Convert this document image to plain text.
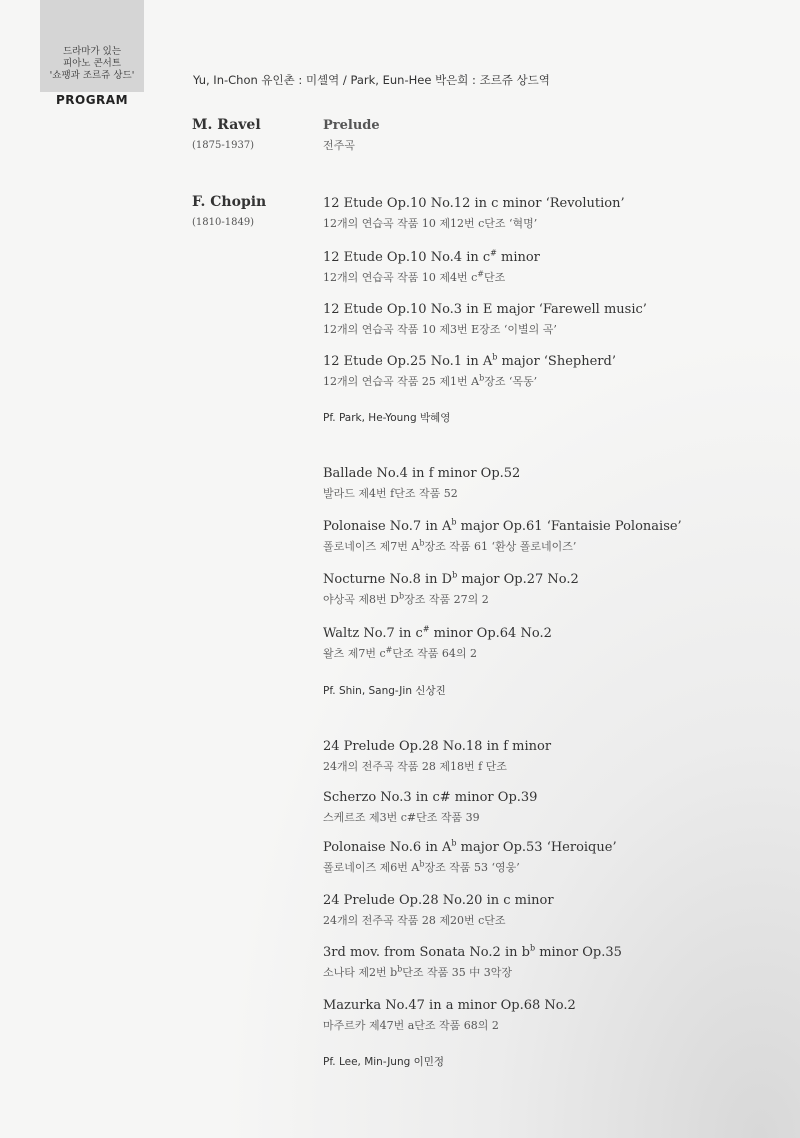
드라마가 있는
피아노 콘서트
'쇼팽과 조르쥬 상드'
PROGRAM
Yu, In-Chon 유인촌 : 미셸역 / Park, Eun-Hee 박은희 : 조르쥬 상드역
M. Ravel
(1875-1937)
F. Chopin
(1810-1849)
Prelude
전주곡
12 Etude Op.10 No.12 in c minor ‘Revolution’
12개의 연습곡 작품 10 제12번 c단조 ‘혁명’
12 Etude Op.10 No.4 in c# minor
12개의 연습곡 작품 10 제4번 c#단조
12 Etude Op.10 No.3 in E major ‘Farewell music’
12개의 연습곡 작품 10 제3번 E장조 ‘이별의 곡’
12 Etude Op.25 No.1 in $A^b$ major ‘Shepherd’
12개의 연습곡 작품 25 제1번 $A^b$장조 ‘목동’
Pf. Park, He-Young 박혜영
Ballade No.4 in f minor Op.52
발라드 제4번 f단조 작품 52
Polonaise No.7 in $A^b$ major Op.61 ‘Fantaisie Polonaise’
폴로네이즈 제7번 $A^b$장조 작품 61 ‘환상 폴로네이즈’
Nocturne No.8 in $D^b$ major Op.27 No.2
야상곡 제8번 $D^b$장조 작품 27의 2
Waltz No.7 in c# minor Op.64 No.2
왈츠 제7번 c#단조 작품 64의 2
Pf. Shin, Sang-Jin 신상진
24 Prelude Op.28 No.18 in f minor
24개의 전주곡 작품 28 제18번 f 단조
Scherzo No.3 in c# minor Op.39
스케르조 제3번 c#단조 작품 39
Polonaise No.6 in $A^b$ major Op.53 ‘Heroique’
폴로네이즈 제6번 $A^b$장조 작품 53 ‘영웅’
24 Prelude Op.28 No.20 in c minor
24개의 전주곡 작품 28 제20번 c단조
3rd mov. from Sonata No.2 in $b^b$ minor Op.35
소나타 제2번 $b^b$단조 작품 35 中 3악장
Mazurka No.47 in a minor Op.68 No.2
마주르카 제47번 a단조 작품 68의 2
Pf. Lee, Min-Jung 이민정
